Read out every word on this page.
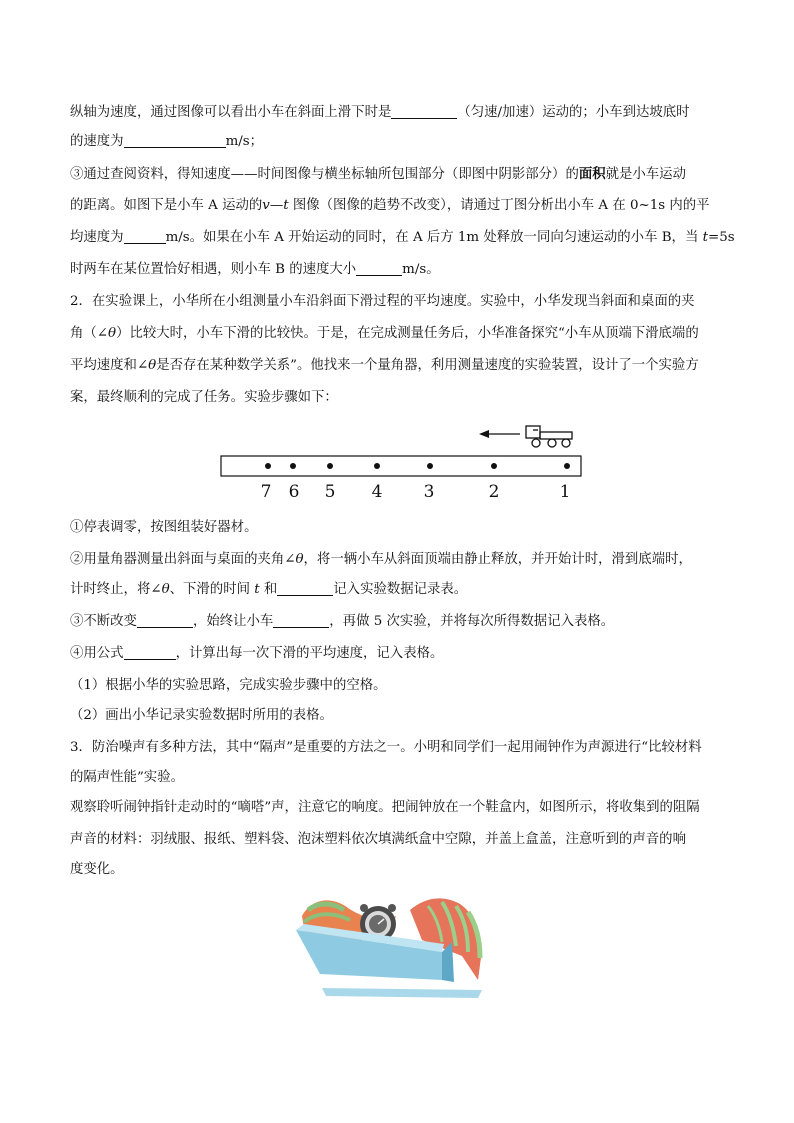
纵轴为速度，通过图像可以看出小车在斜面上滑下时是	（匀速/加速）运动的；小车到达坡底时
的速度为	m/s；
③通过查阅资料，得知速度——时间图像与横坐标轴所包围部分（即图中阴影部分）的面积就是小车运动
的距离。如图下是小车 A 运动的v—t 图像（图像的趋势不改变），请通过丁图分析出小车 A 在 0~1s 内的平
均速度为	m/s。如果在小车 A 开始运动的同时，在 A 后方 1m 处释放一同向匀速运动的小车 B，当 t=5s
时两车在某位置恰好相遇，则小车 B 的速度大小	m/s。
2．在实验课上，小华所在小组测量小车沿斜面下滑过程的平均速度。实验中，小华发现当斜面和桌面的夹
角（∠θ）比较大时，小车下滑的比较快。于是，在完成测量任务后，小华准备探究“小车从顶端下滑底端的
平均速度和∠θ是否存在某种数学关系”。他找来一个量角器，利用测量速度的实验装置，设计了一个实验方
案，最终顺利的完成了任务。实验步骤如下：
7 6 5 4 3	2	1
①停表调零，按图组装好器材。
②用量角器测量出斜面与桌面的夹角∠θ，将一辆小车从斜面顶端由静止释放，并开始计时，滑到底端时，
计时终止，将∠θ、下滑的时间 t 和	记入实验数据记录表。
③不断改变	，始终让小车	，再做 5 次实验，并将每次所得数据记入表格。
④用公式	，计算出每一次下滑的平均速度，记入表格。
（1）根据小华的实验思路，完成实验步骤中的空格。
（2）画出小华记录实验数据时所用的表格。
3．防治噪声有多种方法，其中“隔声”是重要的方法之一。小明和同学们一起用闹钟作为声源进行“比较材料
的隔声性能”实验。
观察聆听闹钟指针走动时的“嘀嗒”声，注意它的响度。把闹钟放在一个鞋盒内，如图所示，将收集到的阻隔
声音的材料：羽绒服、报纸、塑料袋、泡沫塑料依次填满纸盒中空隙，并盖上盒盖，注意听到的声音的响
度变化。
